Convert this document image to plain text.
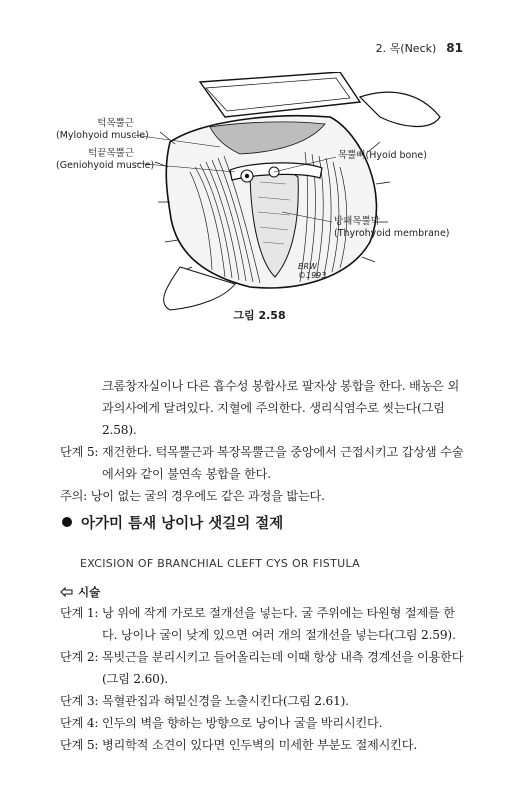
2. 목(Neck) 81
턱목뿔근
(Mylohyoid muscle)
턱끝목뿔근
(Geniohyoid muscle)
목뿔뼈(Hyoid bone)
방패목뿔막
(Thyrohyoid membrane)
BRW
©1993
그림 2.58

크롬창자실이나 다른 흡수성 봉합사로 팔자상 봉합을 한다. 배농은 외

과의사에게 달려있다. 지혈에 주의한다. 생리식염수로 씻는다(그림

2.58).

단계 5: 재건한다. 턱목뿔근과 복장목뿔근을 중앙에서 근접시키고 갑상샘 수술

에서와 같이 불연속 봉합을 한다.

주의: 낭이 없는 굴의 경우에도 같은 과정을 밟는다.

아가미 틈새 낭이나 샛길의 절제
EXCISION OF BRANCHIAL CLEFT CYS OR FISTULA
시술

단계 1: 낭 위에 작게 가로로 절개선을 넣는다. 굴 주위에는 타원형 절제를 한

다. 낭이나 굴이 낮게 있으면 여러 개의 절개선을 넣는다(그림 2.59).

단계 2: 목빗근을 분리시키고 들어올리는데 이때 항상 내측 경계선을 이용한다

(그림 2.60).

단계 3: 목혈관집과 혀밑신경을 노출시킨다(그림 2.61).

단계 4: 인두의 벽을 향하는 방향으로 낭이나 굴을 박리시킨다.

단계 5: 병리학적 소견이 있다면 인두벽의 미세한 부분도 절제시킨다.
